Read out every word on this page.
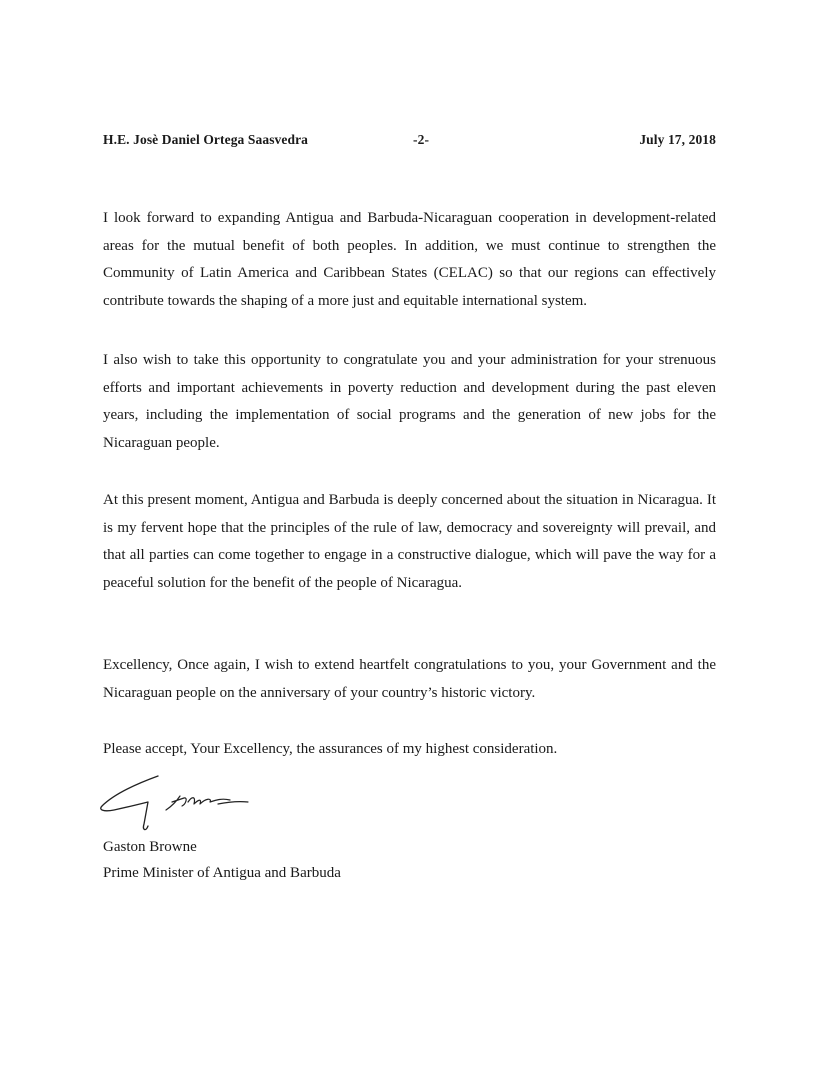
H.E. Josè Daniel Ortega Saasvedra	-2-	July 17, 2018

I look forward to expanding Antigua and Barbuda-Nicaraguan cooperation in development-related areas for the mutual benefit of both peoples. In addition, we must continue to strengthen the Community of Latin America and Caribbean States (CELAC) so that our regions can effectively contribute towards the shaping of a more just and equitable international system.

I also wish to take this opportunity to congratulate you and your administration for your strenuous efforts and important achievements in poverty reduction and development during the past eleven years, including the implementation of social programs and the generation of new jobs for the Nicaraguan people.

At this present moment, Antigua and Barbuda is deeply concerned about the situation in Nicaragua. It is my fervent hope that the principles of the rule of law, democracy and sovereignty will prevail, and that all parties can come together to engage in a constructive dialogue, which will pave the way for a peaceful solution for the benefit of the people of Nicaragua.

Excellency, Once again, I wish to extend heartfelt congratulations to you, your Government and the Nicaraguan people on the anniversary of your country’s historic victory.

Please accept, Your Excellency, the assurances of my highest consideration.

Gaston Browne
Prime Minister of Antigua and Barbuda
